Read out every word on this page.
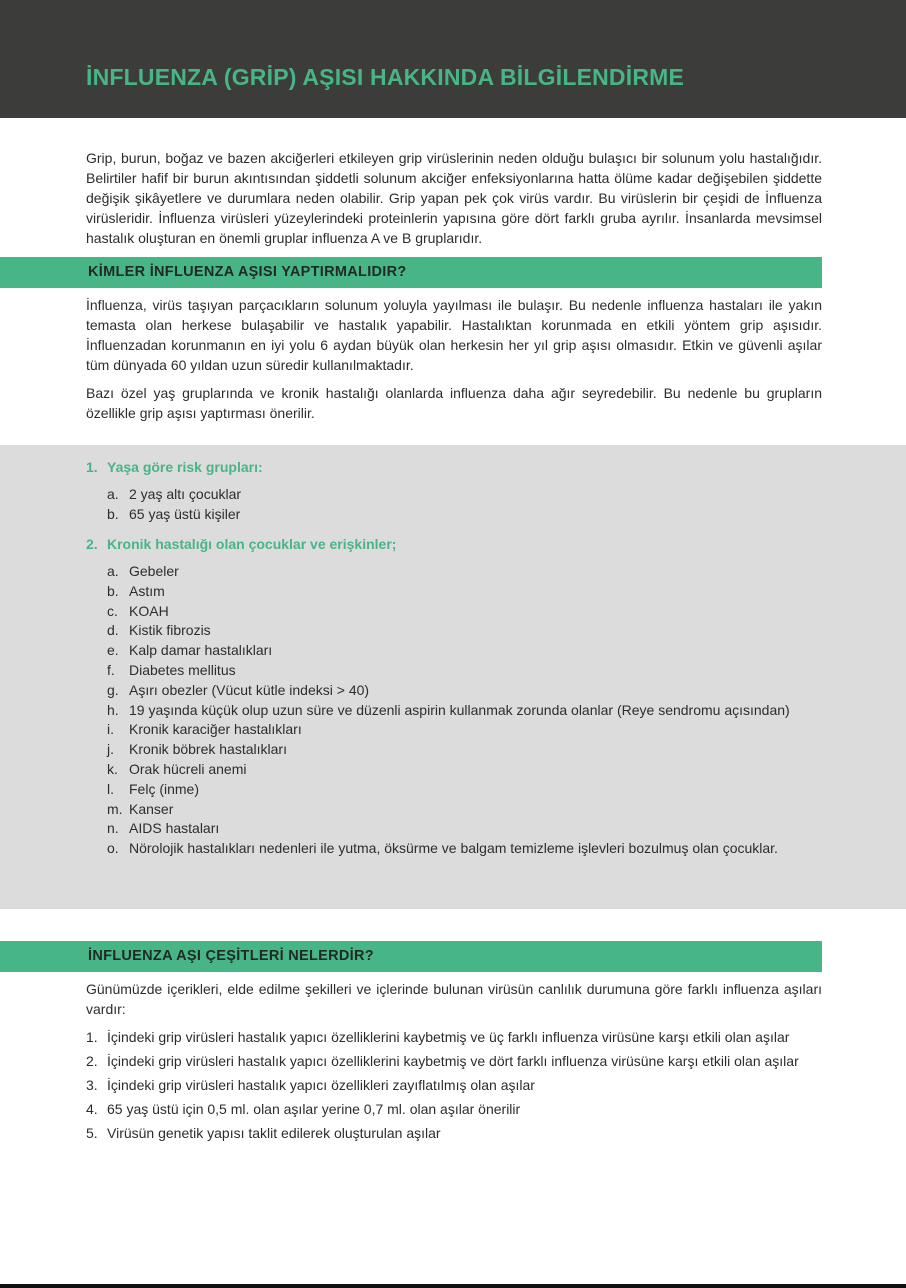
İNFLUENZA (GRİP) AŞISI HAKKINDA BİLGİLENDİRME

Grip, burun, boğaz ve bazen akciğerleri etkileyen grip virüslerinin neden olduğu bulaşıcı bir solunum yolu hastalığıdır. Belirtiler hafif bir burun akıntısından şiddetli solunum akciğer enfeksiyonlarına hatta ölüme kadar değişebilen şiddette değişik şikâyetlere ve durumlara neden olabilir. Grip yapan pek çok virüs vardır. Bu virüslerin bir çeşidi de İnfluenza virüsleridir. İnfluenza virüsleri yüzeylerindeki proteinlerin yapısına göre dört farklı gruba ayrılır. İnsanlarda mevsimsel hastalık oluşturan en önemli gruplar influenza A ve B gruplarıdır.

KİMLER İNFLUENZA AŞISI YAPTIRMALIDIR?

İnfluenza, virüs taşıyan parçacıkların solunum yoluyla yayılması ile bulaşır. Bu nedenle influenza hastaları ile yakın temasta olan herkese bulaşabilir ve hastalık yapabilir. Hastalıktan korunmada en etkili yöntem grip aşısıdır. İnfluenzadan korunmanın en iyi yolu 6 aydan büyük olan herkesin her yıl grip aşısı olmasıdır. Etkin ve güvenli aşılar tüm dünyada 60 yıldan uzun süredir kullanılmaktadır.

Bazı özel yaş gruplarında ve kronik hastalığı olanlarda influenza daha ağır seyredebilir. Bu nedenle bu grupların özellikle grip aşısı yaptırması önerilir.

1. Yaşa göre risk grupları:

a. 2 yaş altı çocuklar
b. 65 yaş üstü kişiler

2. Kronik hastalığı olan çocuklar ve erişkinler;

a. Gebeler
b. Astım
c. KOAH
d. Kistik fibrozis
e. Kalp damar hastalıkları
f. Diabetes mellitus
g. Aşırı obezler (Vücut kütle indeksi > 40)
h. 19 yaşında küçük olup uzun süre ve düzenli aspirin kullanmak zorunda olanlar (Reye sendromu açısından)
i. Kronik karaciğer hastalıkları
j. Kronik böbrek hastalıkları
k. Orak hücreli anemi
l. Felç (inme)
m. Kanser
n. AIDS hastaları
o. Nörolojik hastalıkları nedenleri ile yutma, öksürme ve balgam temizleme işlevleri bozulmuş olan çocuklar.
İNFLUENZA AŞI ÇEŞİTLERİ NELERDİR?

Günümüzde içerikleri, elde edilme şekilleri ve içlerinde bulunan virüsün canlılık durumuna göre farklı influenza aşıları vardır:

1. İçindeki grip virüsleri hastalık yapıcı özelliklerini kaybetmiş ve üç farklı influenza virüsüne karşı etkili olan aşılar
2. İçindeki grip virüsleri hastalık yapıcı özelliklerini kaybetmiş ve dört farklı influenza virüsüne karşı etkili olan aşılar
3. İçindeki grip virüsleri hastalık yapıcı özellikleri zayıflatılmış olan aşılar
4. 65 yaş üstü için 0,5 ml. olan aşılar yerine 0,7 ml. olan aşılar önerilir
5. Virüsün genetik yapısı taklit edilerek oluşturulan aşılar
